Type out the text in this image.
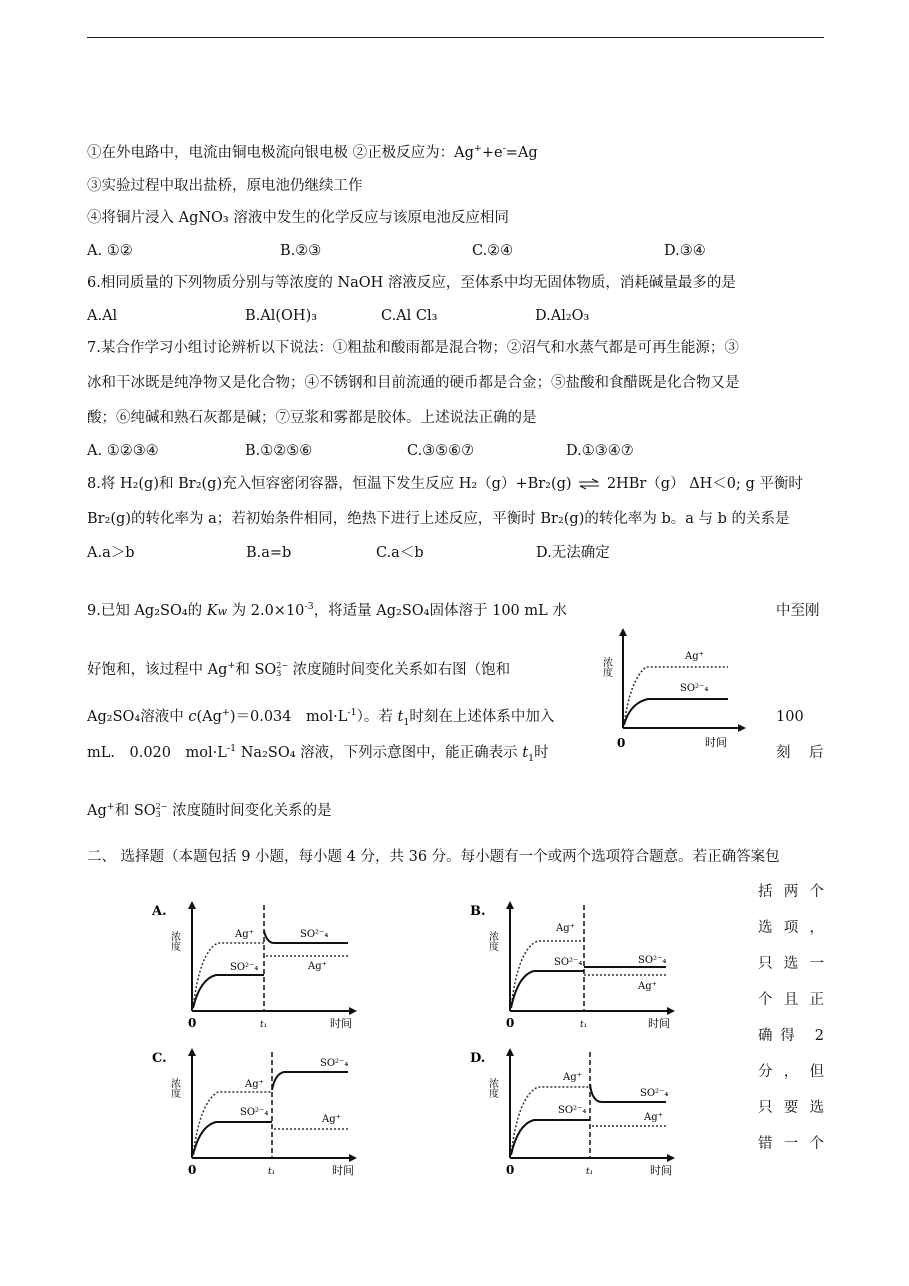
①在外电路中，电流由铜电极流向银电极 ②正极反应为：Ag++e-=Ag
③实验过程中取出盐桥，原电池仍继续工作
④将铜片浸入 AgNO₃ 溶液中发生的化学反应与该原电池反应相同
A. ①②	B.②③	C.②④	D.③④
6.相同质量的下列物质分别与等浓度的 NaOH 溶液反应，至体系中均无固体物质，消耗碱量最多的是
A.Al	B.Al(OH)₃	C.Al Cl₃	D.Al₂O₃
7.某合作学习小组讨论辨析以下说法：①粗盐和酸雨都是混合物；②沼气和水蒸气都是可再生能源；③
冰和干冰既是纯净物又是化合物；④不锈钢和目前流通的硬币都是合金；⑤盐酸和食醋既是化合物又是
酸；⑥纯碱和熟石灰都是碱；⑦豆浆和雾都是胶体。上述说法正确的是
A. ①②③④	B.①②⑤⑥	C.③⑤⑥⑦	D.①③④⑦
8.将 H₂(g)和 Br₂(g)充入恒容密闭容器，恒温下发生反应 H₂（g）+Br₂(g) ⇌ 2HBr（g） ΔH＜0; g 平衡时
Br₂(g)的转化率为 a；若初始条件相同，绝热下进行上述反应，平衡时 Br₂(g)的转化率为 b。a 与 b 的关系是
A.a＞b	B.a=b	C.a＜b	D.无法确定
9.已知 Ag₂SO₄的 Kw 为 $2.0\times 10^{-3}$，将适量 Ag₂SO₄固体溶于 100 mL 水	中至刚
好饱和，该过程中 Ag+和 SO2−
3 浓度随时间变化关系如右图（饱和
Ag₂SO₄溶液中 c(Ag+)＝0.034　$mol\cdot L^{-1}$）。若 $t_1$时刻在上述体系中加入	100
mL.　0.020　$mol\cdot L^{-1}$ Na₂SO₄ 溶液，下列示意图中，能正确表示 $t_1$时	刻 后
Ag+和 SO2−
3 浓度随时间变化关系的是
浓度
0	时间
Ag⁺
SO²⁻₄
二、 选择题（本题包括 9 小题，每小题 4 分，共 36 分。每小题有一个或两个选项符合题意。若正确答案包
括两个
选项，
只选一
个且正
确得 2
分，但
只要选
错一个
A.
浓度
0	t₁	时间
Ag⁺
SO²⁻₄
SO²⁻₄
Ag⁺
B.
浓度
0	t₁	时间
Ag⁺
SO²⁻₄	SO²⁻₄
Ag⁺
C.
浓度
0	t₁	时间
Ag⁺
SO²⁻₄
SO²⁻₄
Ag⁺
D.
浓度
0	t₁	时间
Ag⁺
SO²⁻₄
SO²⁻₄
Ag⁺
